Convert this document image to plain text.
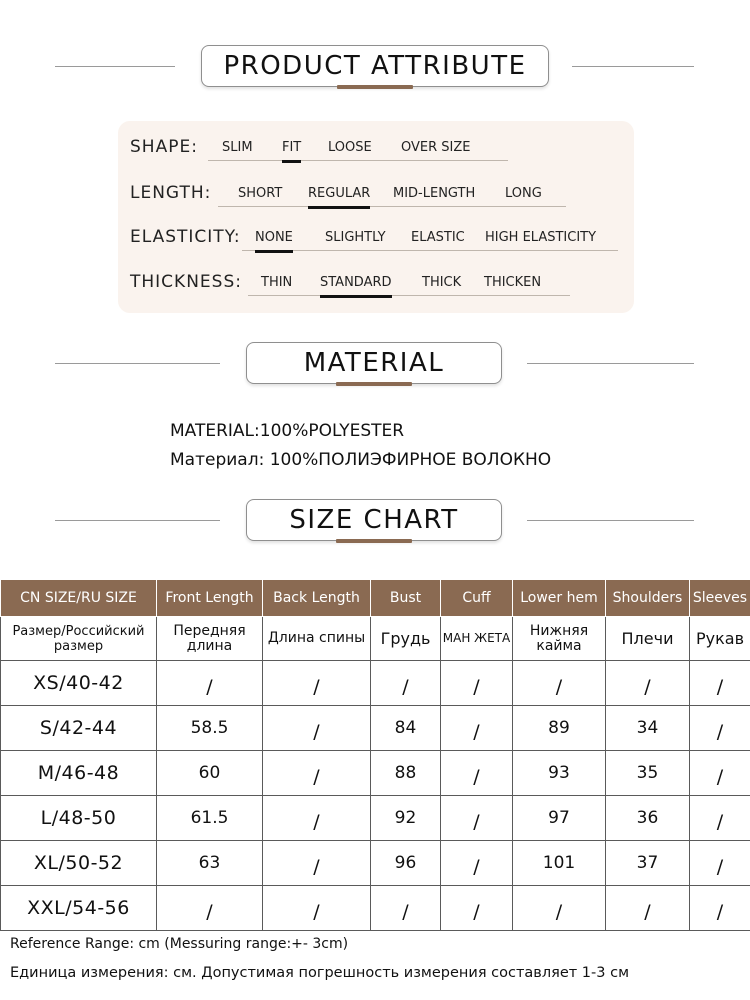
PRODUCT ATTRIBUTE
SHAPE: SLIM FIT LOOSE OVER SIZE
LENGTH: SHORT REGULAR MID-LENGTH LONG
ELASTICITY: NONE SLIGHTLY ELASTIC HIGH ELASTICITY
THICKNESS: THIN STANDARD THICK THICKEN
MATERIAL
MATERIAL:100%POLYESTER
Материал: 100%ПОЛИЭФИРНОЕ ВОЛОКНО
SIZE CHART
CN SIZE/RU SIZE	Front Length	Back Length	Bust	Cuff	Lower hem	Shoulders	Sleeves
Размер/Российский размер	Передняя длина	Длина спины	Грудь	МАН ЖЕТА	Нижняя кайма	Плечи	Рукав
XS/40-42	/	/	/	/	/	/	/
S/42-44	58.5	/	84	/	89	34	/
M/46-48	60	/	88	/	93	35	/
L/48-50	61.5	/	92	/	97	36	/
XL/50-52	63	/	96	/	101	37	/
XXL/54-56	/	/	/	/	/	/	/
Reference Range: cm (Messuring range:+- 3cm)
Единица измерения: см. Допустимая погрешность измерения составляет 1-3 см
